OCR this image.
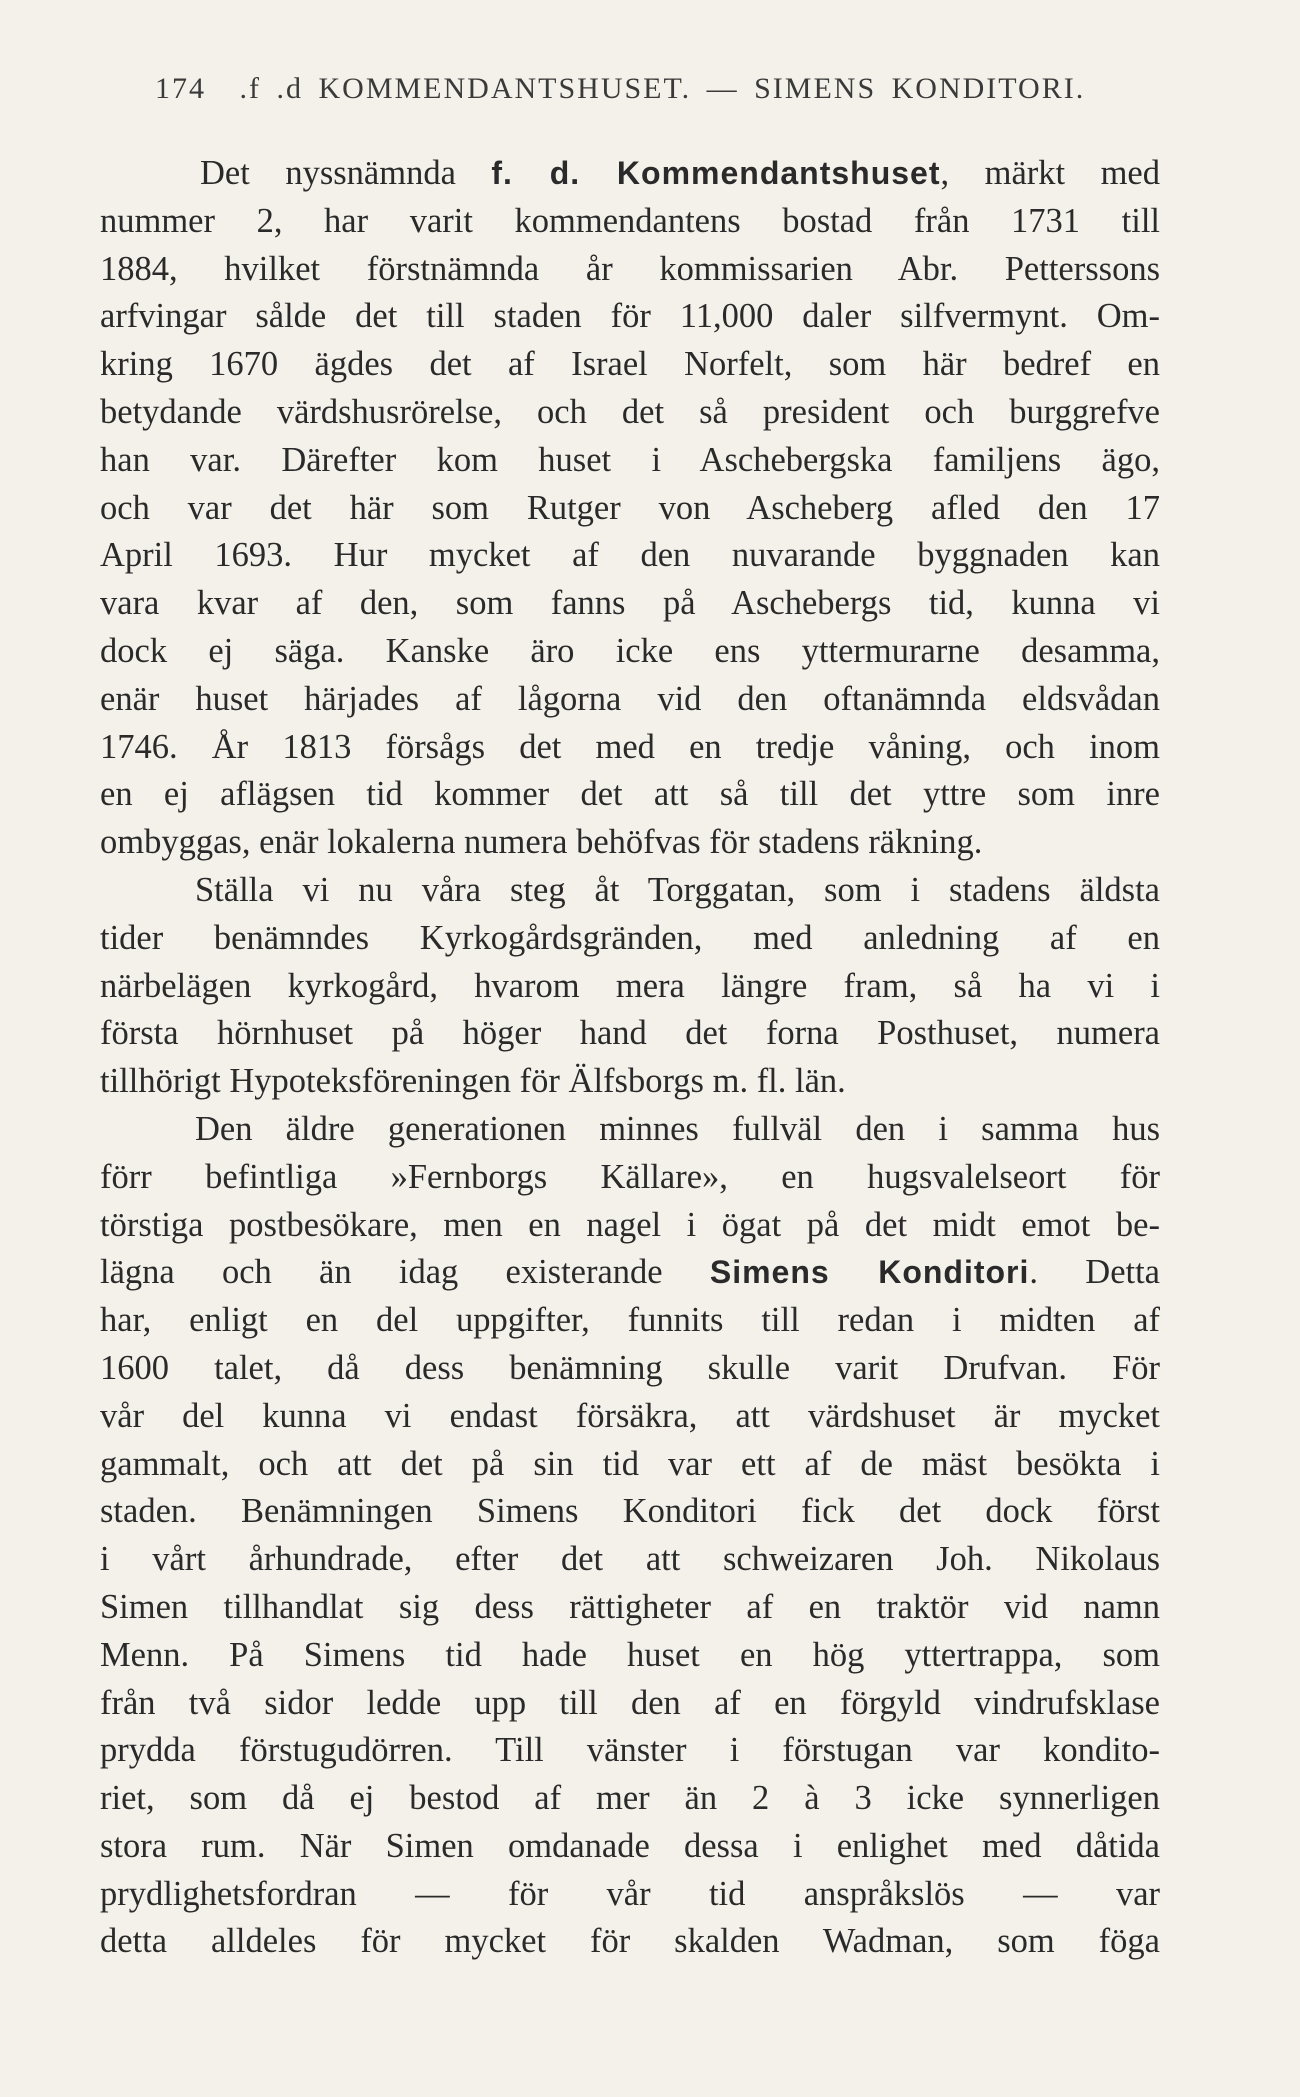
174 .f .d KOMMENDANTSHUSET. — SIMENS KONDITORI.
Det nyssnämnda f. d. Kommendantshuset, märkt med
nummer 2, har varit kommendantens bostad från 1731 till
1884, hvilket förstnämnda år kommissarien Abr. Petterssons
arfvingar sålde det till staden för 11,000 daler silfvermynt. Om-
kring 1670 ägdes det af Israel Norfelt, som här bedref en
betydande värdshusrörelse, och det så president och burggrefve
han var. Därefter kom huset i Aschebergska familjens ägo,
och var det här som Rutger von Ascheberg afled den 17
April 1693. Hur mycket af den nuvarande byggnaden kan
vara kvar af den, som fanns på Aschebergs tid, kunna vi
dock ej säga. Kanske äro icke ens yttermurarne desamma,
enär huset härjades af lågorna vid den oftanämnda eldsvådan
1746. År 1813 försågs det med en tredje våning, och inom
en ej aflägsen tid kommer det att så till det yttre som inre
ombyggas, enär lokalerna numera behöfvas för stadens räkning.
Ställa vi nu våra steg åt Torggatan, som i stadens äldsta
tider benämndes Kyrkogårdsgränden, med anledning af en
närbelägen kyrkogård, hvarom mera längre fram, så ha vi i
första hörnhuset på höger hand det forna Posthuset, numera
tillhörigt Hypoteksföreningen för Älfsborgs m. fl. län.
Den äldre generationen minnes fullväl den i samma hus
förr befintliga »Fernborgs Källare», en hugsvalelseort för
törstiga postbesökare, men en nagel i ögat på det midt emot be-
lägna och än idag existerande Simens Konditori. Detta
har, enligt en del uppgifter, funnits till redan i midten af
1600 talet, då dess benämning skulle varit Drufvan. För
vår del kunna vi endast försäkra, att värdshuset är mycket
gammalt, och att det på sin tid var ett af de mäst besökta i
staden. Benämningen Simens Konditori fick det dock först
i vårt århundrade, efter det att schweizaren Joh. Nikolaus
Simen tillhandlat sig dess rättigheter af en traktör vid namn
Menn. På Simens tid hade huset en hög yttertrappa, som
från två sidor ledde upp till den af en förgyld vindrufsklase
prydda förstugudörren. Till vänster i förstugan var kondito-
riet, som då ej bestod af mer än 2 à 3 icke synnerligen
stora rum. När Simen omdanade dessa i enlighet med dåtida
prydlighetsfordran — för vår tid anspråkslös — var
detta alldeles för mycket för skalden Wadman, som föga
